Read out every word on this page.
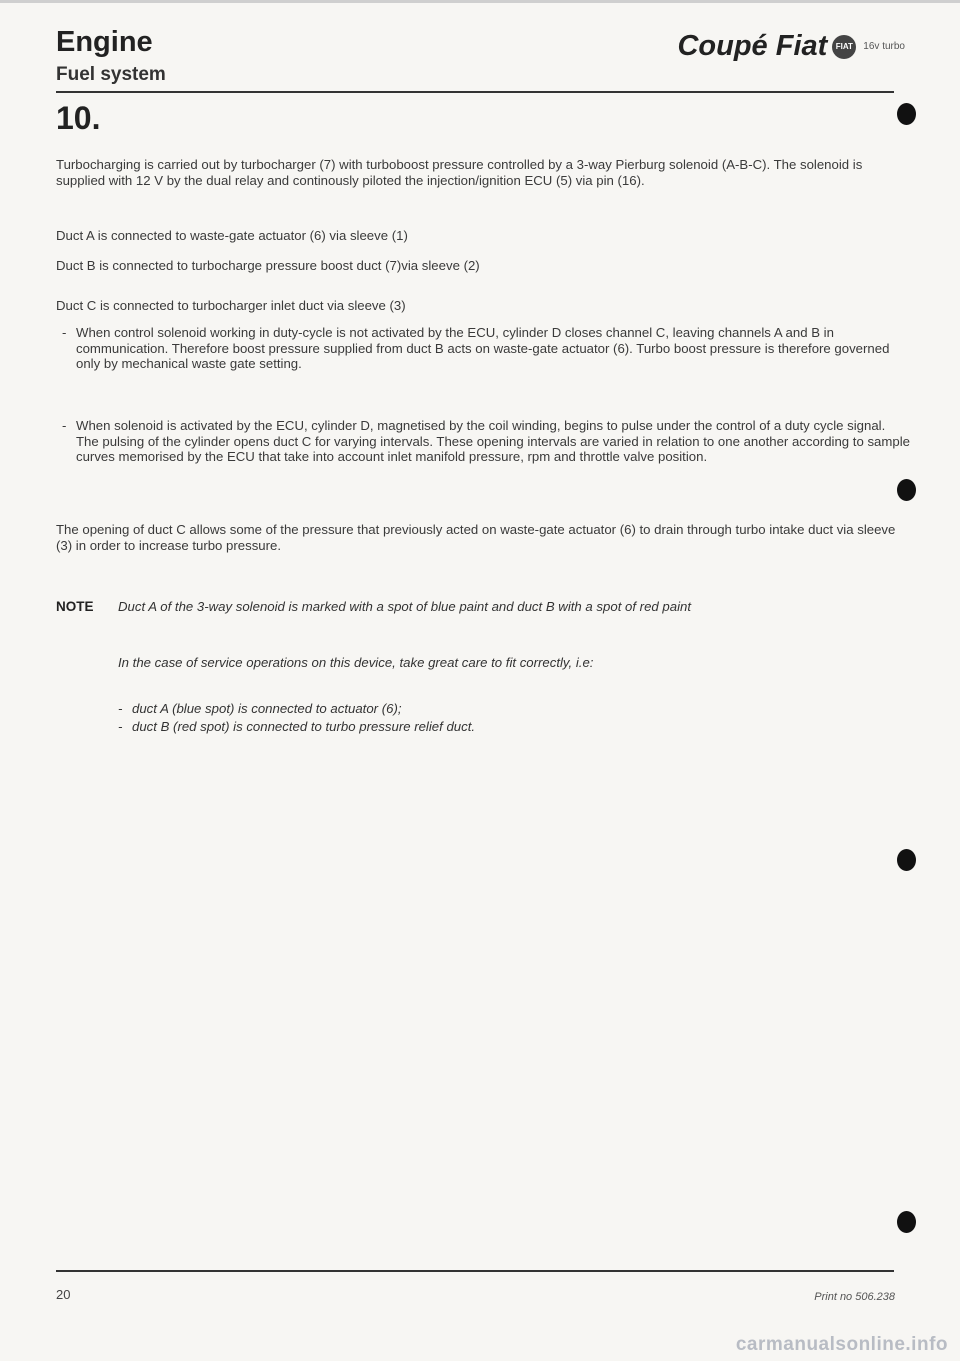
Engine
Fuel system
Coupé Fiat	FIAT	16v turbo
10.
Turbocharging is carried out by turbocharger (7) with turboboost pressure controlled by a 3-way Pierburg solenoid (A-B-C). The solenoid is supplied with 12 V by the dual relay and continously piloted the injection/ignition ECU (5) via pin (16).
Duct A is connected to waste-gate actuator (6) via sleeve (1)
Duct B is connected to turbocharge pressure boost duct (7)via sleeve (2)
Duct C is connected to turbocharger inlet duct via sleeve (3)
- When control solenoid working in duty-cycle is not activated by the ECU, cylinder D closes channel C, leaving channels A and B in communication. Therefore boost pressure supplied from duct B acts on waste-gate actuator (6). Turbo boost pressure is therefore governed only by mechanical waste gate setting.
- When solenoid is activated by the ECU, cylinder D, magnetised by the coil winding, begins to pulse under the control of a duty cycle signal. The pulsing of the cylinder opens duct C for varying intervals. These opening intervals are varied in relation to one another according to sample curves memorised by the ECU that take into account inlet manifold pressure, rpm and throttle valve position.
The opening of duct C allows some of the pressure that previously acted on waste-gate actuator (6) to drain through turbo intake duct via sleeve (3) in order to increase turbo pressure.
NOTE Duct A of the 3-way solenoid is marked with a spot of blue paint and duct B with a spot of red paint
In the case of service operations on this device, take great care to fit correctly, i.e:
- duct A (blue spot) is connected to actuator (6);
- duct B (red spot) is connected to turbo pressure relief duct.
20	Print no 506.238
carmanualsonline.info
